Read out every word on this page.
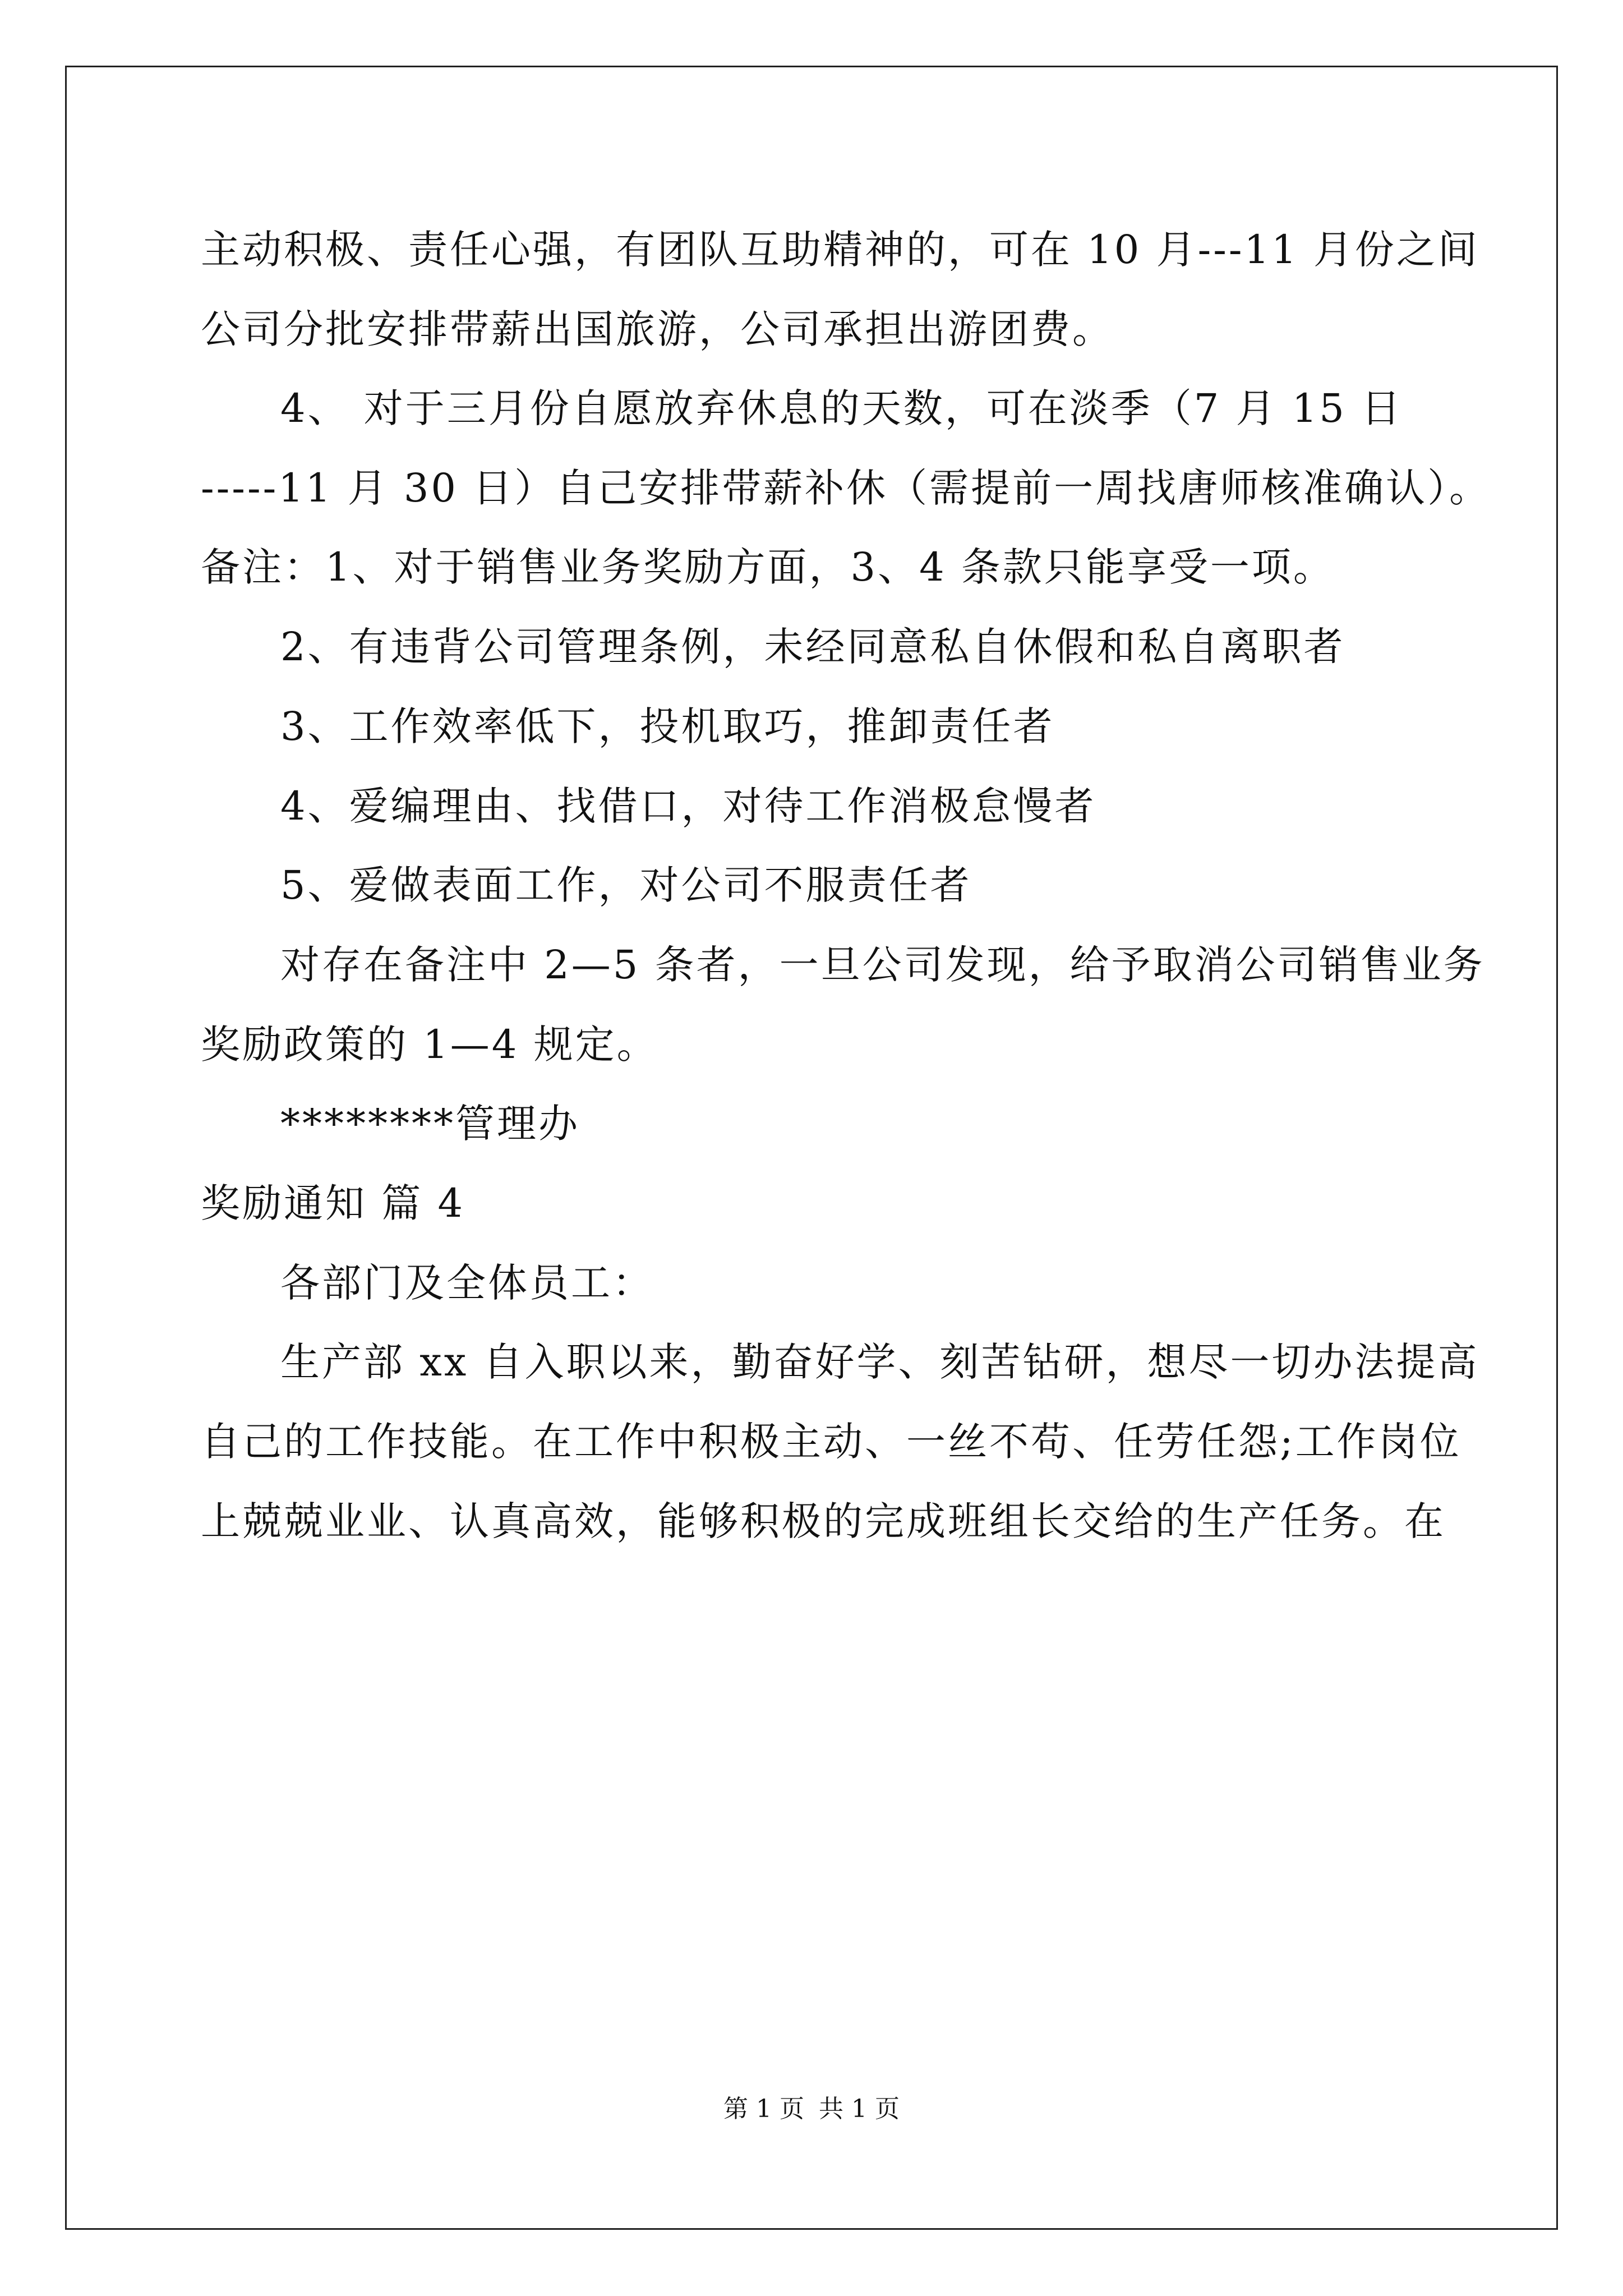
主动积极、责任心强，有团队互助精神的，可在 10 月---11 月份之间
公司分批安排带薪出国旅游，公司承担出游团费。
4、 对于三月份自愿放弃休息的天数，可在淡季（7 月 15 日
-----11 月 30 日）自己安排带薪补休（需提前一周找唐师核准确认）。
备注：1、对于销售业务奖励方面，3、4 条款只能享受一项。
2、有违背公司管理条例，未经同意私自休假和私自离职者
3、工作效率低下，投机取巧，推卸责任者
4、爱编理由、找借口，对待工作消极怠慢者
5、爱做表面工作，对公司不服责任者
对存在备注中 2—5 条者，一旦公司发现，给予取消公司销售业务
奖励政策的 1—4 规定。
********管理办
奖励通知 篇 4
各部门及全体员工：
生产部 xx 自入职以来，勤奋好学、刻苦钻研，想尽一切办法提高
自己的工作技能。在工作中积极主动、一丝不苟、任劳任怨;工作岗位
上兢兢业业、认真高效，能够积极的完成班组长交给的生产任务。在
第 1 页 共 1 页
